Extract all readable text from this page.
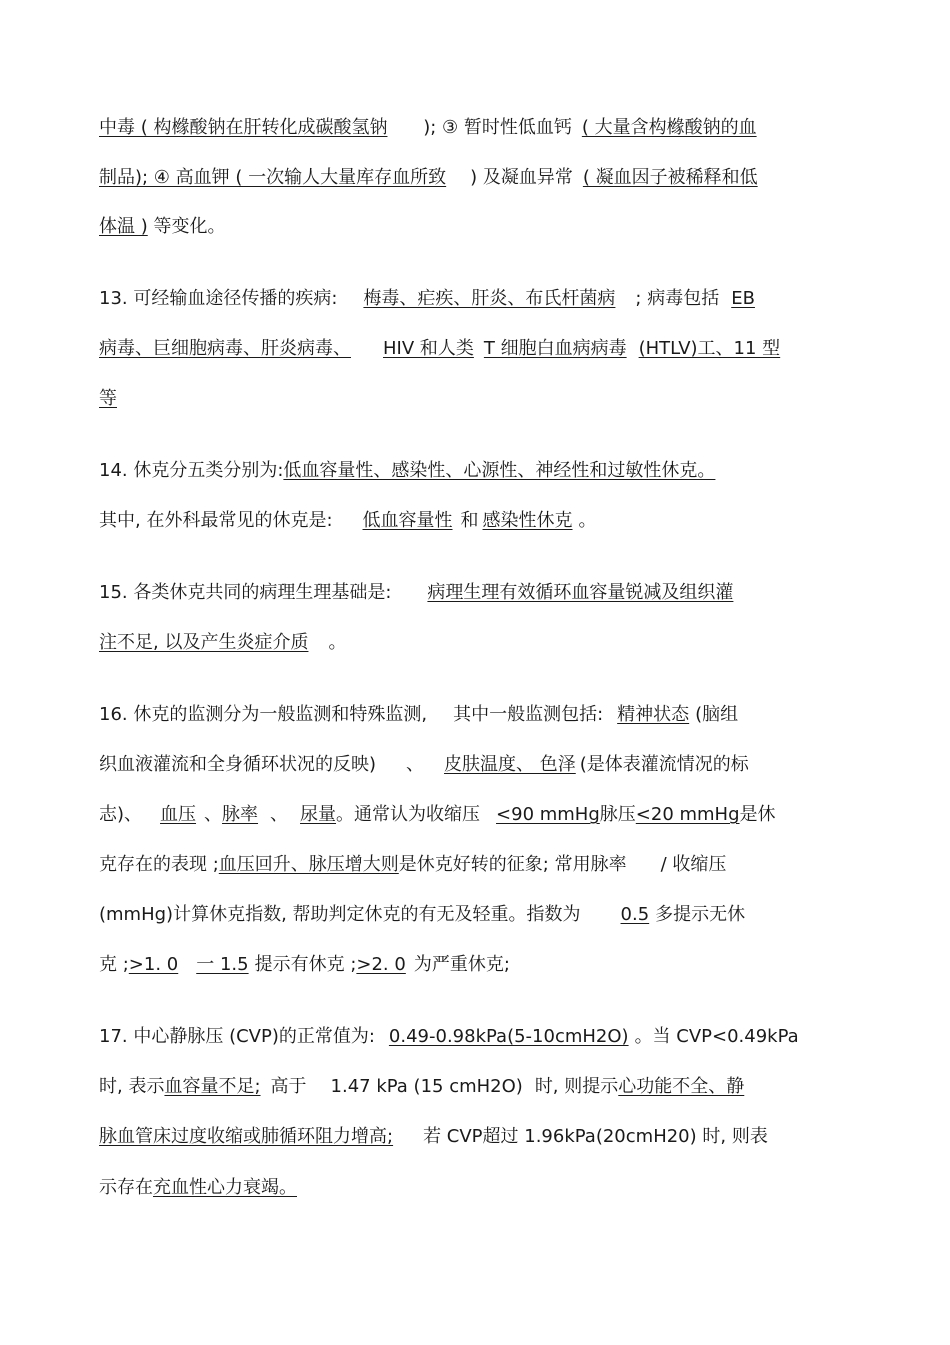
中毒 ( 构橼酸钠在肝转化成碳酸氢钠 ); ③ 暂时性低血钙 ( 大量含构橼酸钠的血
制品); ④ 高血钾 ( 一次输人大量库存血所致 ) 及凝血异常 ( 凝血因子被稀释和低
体温 ) 等变化。
13. 可经输血途径传播的疾病: 梅毒、疟疾、肝炎、布氏杆菌病 ; 病毒包括 EB
病毒、巨细胞病毒、肝炎病毒、 HIV 和人类 T 细胞白血病病毒 (HTLV)工、11 型
等
14. 休克分五类分别为:低血容量性、感染性、心源性、神经性和过敏性休克。
其中, 在外科最常见的休克是: 低血容量性 和 感染性休克 。
15. 各类休克共同的病理生理基础是: 病理生理有效循环血容量锐减及组织灌
注不足, 以及产生炎症介质 。
16. 休克的监测分为一般监测和特殊监测, 其中一般监测包括: 精神状态 (脑组
织血液灌流和全身循环状况的反映) 、 皮肤温度、 色泽 (是体表灌流情况的标
志)、 血压 、脉率 、 尿量。通常认为收缩压 <90 mmHg脉压<20 mmHg是休
克存在的表现 ;血压回升、脉压增大则是休克好转的征象; 常用脉率 / 收缩压
(mmHg)计算休克指数, 帮助判定休克的有无及轻重。指数为 0.5 多提示无休
克 ;>1. 0 一 1.5 提示有休克 ;>2. 0 为严重休克;
17. 中心静脉压 (CVP)的正常值为: 0.49-0.98kPa(5-10cmH2O) 。当 CVP<0.49kPa
时, 表示血容量不足; 高于 1.47 kPa (15 cmH2O) 时, 则提示心功能不全、静
脉血管床过度收缩或肺循环阻力增高; 若 CVP超过 1.96kPa(20cmH20) 时, 则表
示存在充血性心力衰竭。
